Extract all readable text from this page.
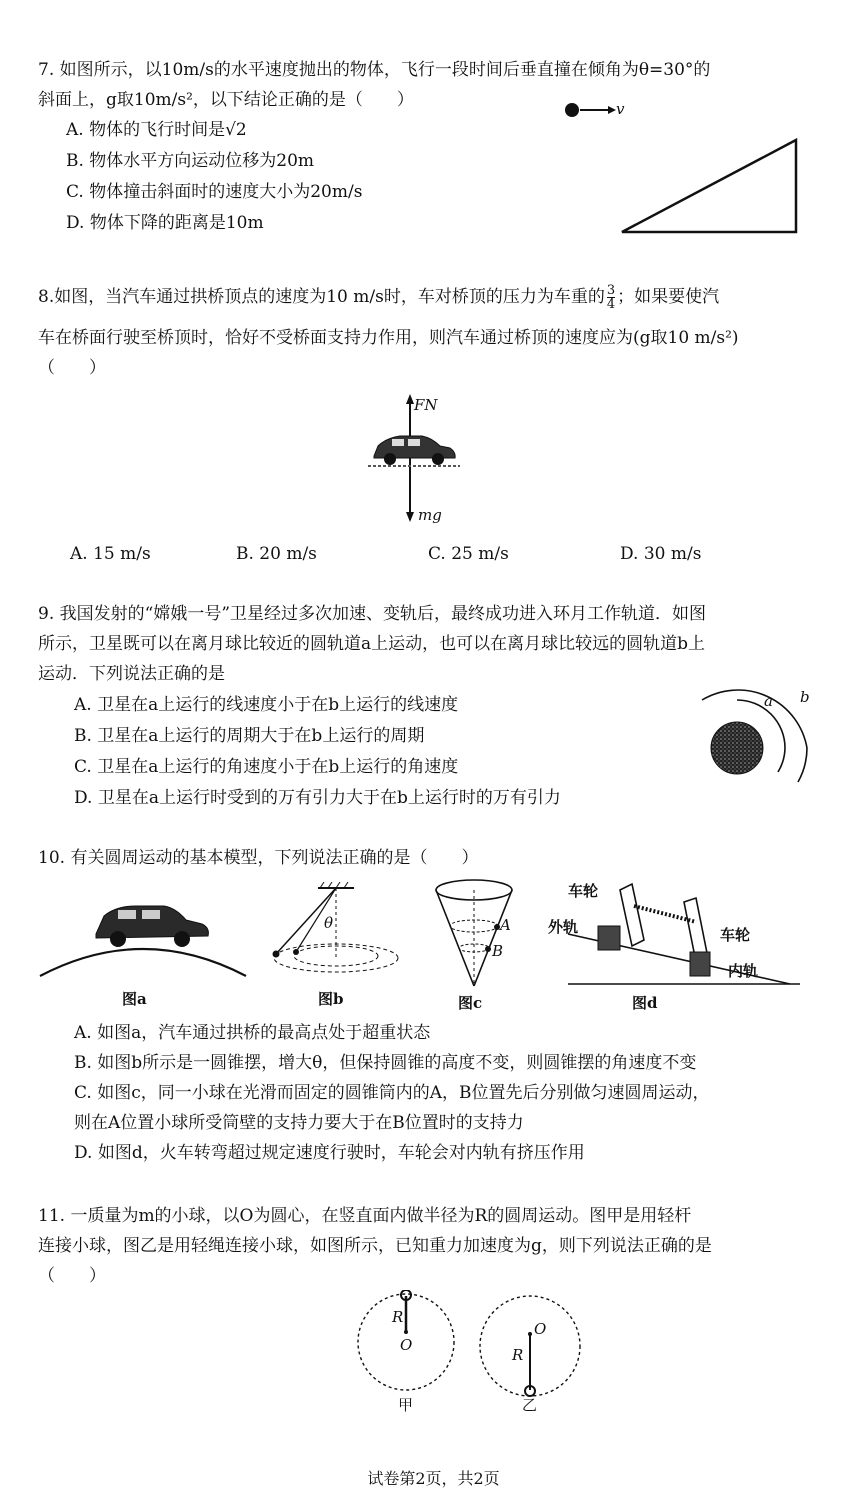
7. 如图所示，以10m/s的水平速度抛出的物体，飞行一段时间后垂直撞在倾角为θ=30°的
斜面上，g取10m/s²，以下结论正确的是（　　）
A. 物体的飞行时间是√2
B. 物体水平方向运动位移为20m
C. 物体撞击斜面时的速度大小为20m/s
D. 物体下降的距离是10m
v
8.如图，当汽车通过拱桥顶点的速度为10 m/s时，车对桥顶的压力为车重的 $\frac{3}{4}$ ；如果要使汽
车在桥面行驶至桥顶时，恰好不受桥面支持力作用，则汽车通过桥顶的速度应为(g取10 m/s²)
（　　）
FN
mg
A. 15 m/s	B. 20 m/s	C. 25 m/s	D. 30 m/s
9. 我国发射的“嫦娥一号”卫星经过多次加速、变轨后，最终成功进入环月工作轨道．如图
所示，卫星既可以在离月球比较近的圆轨道a上运动，也可以在离月球比较远的圆轨道b上
运动．下列说法正确的是
A. 卫星在a上运行的线速度小于在b上运行的线速度
B. 卫星在a上运行的周期大于在b上运行的周期
C. 卫星在a上运行的角速度小于在b上运行的角速度
D. 卫星在a上运行时受到的万有引力大于在b上运行时的万有引力
a b
10. 有关圆周运动的基本模型，下列说法正确的是（　　）
图a
θ
图b
A
B
图c
车轮
外轨	车轮
内轨
图d
A. 如图a，汽车通过拱桥的最高点处于超重状态
B. 如图b所示是一圆锥摆，增大θ，但保持圆锥的高度不变，则圆锥摆的角速度不变
C. 如图c，同一小球在光滑而固定的圆锥筒内的A，B位置先后分别做匀速圆周运动，
则在A位置小球所受筒壁的支持力要大于在B位置时的支持力
D. 如图d，火车转弯超过规定速度行驶时，车轮会对内轨有挤压作用
11. 一质量为m的小球，以O为圆心，在竖直面内做半径为R的圆周运动。图甲是用轻杆
连接小球，图乙是用轻绳连接小球，如图所示，已知重力加速度为g，则下列说法正确的是
（　　）
R
O
R
O
甲	乙
试卷第2页，共2页
